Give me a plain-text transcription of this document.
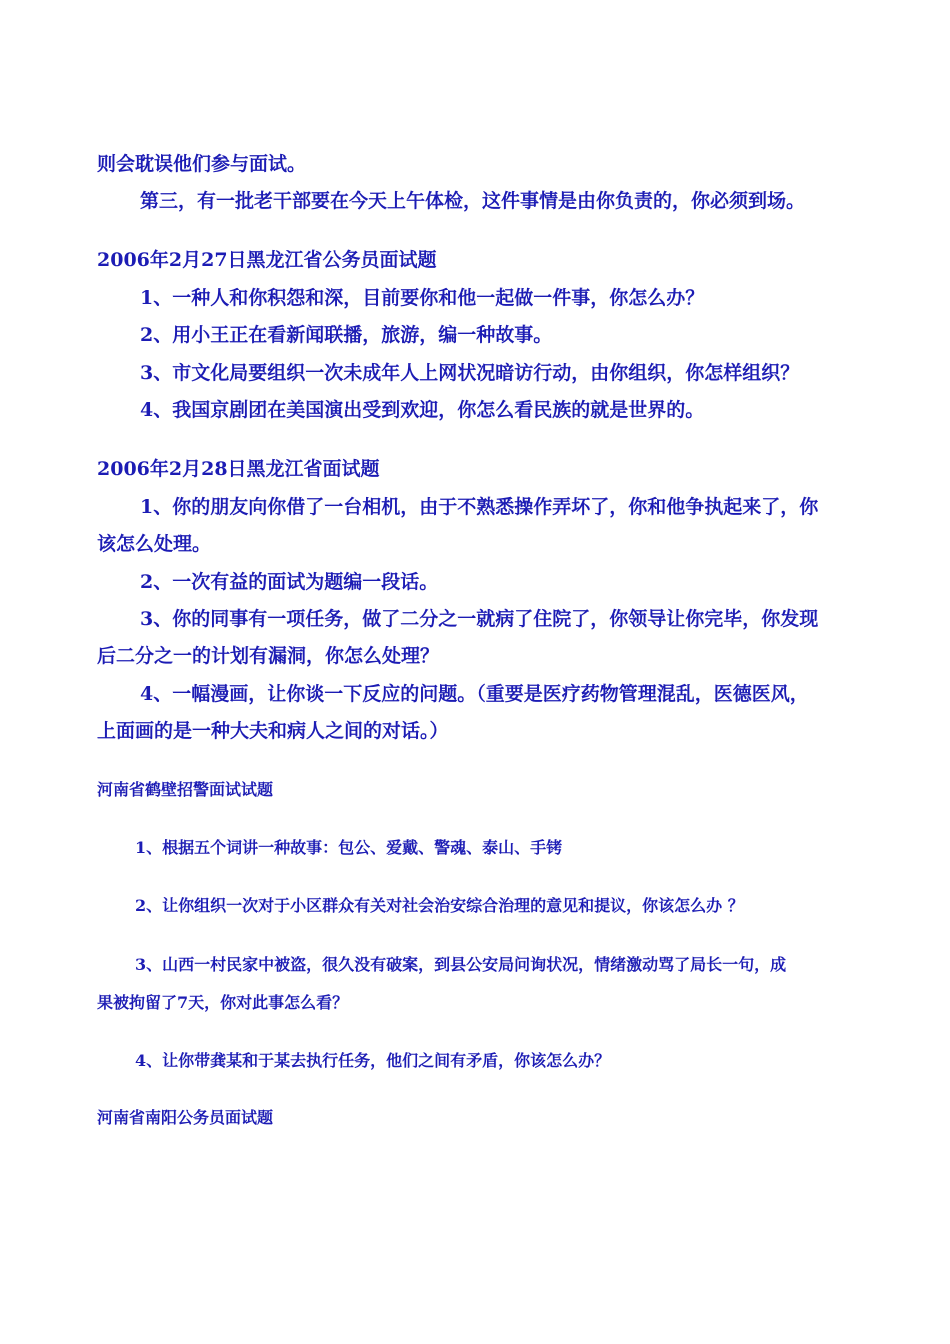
则会耽误他们参与面试。
第三，有一批老干部要在今天上午体检，这件事情是由你负责的，你必须到场。
2006年2月27日黑龙江省公务员面试题
1、一种人和你积怨和深，目前要你和他一起做一件事，你怎么办？
2、用小王正在看新闻联播，旅游，编一种故事。
3、市文化局要组织一次未成年人上网状况暗访行动，由你组织，你怎样组织？
4、我国京剧团在美国演出受到欢迎，你怎么看民族的就是世界的。
2006年2月28日黑龙江省面试题
1、你的朋友向你借了一台相机，由于不熟悉操作弄坏了，你和他争执起来了，你
该怎么处理。
2、一次有益的面试为题编一段话。
3、你的同事有一项任务，做了二分之一就病了住院了，你领导让你完毕，你发现
后二分之一的计划有漏洞，你怎么处理？
4、一幅漫画，让你谈一下反应的问题。（重要是医疗药物管理混乱，医德医风，
上面画的是一种大夫和病人之间的对话。）
河南省鹤壁招警面试试题
1、根据五个词讲一种故事：包公、爱戴、警魂、泰山、手铐
2、让你组织一次对于小区群众有关对社会治安综合治理的意见和提议，你该怎么办 ？
3、山西一村民家中被盗，很久没有破案，到县公安局问询状况，情绪激动骂了局长一句，成
果被拘留了7天，你对此事怎么看？
4、让你带龚某和于某去执行任务，他们之间有矛盾，你该怎么办？
河南省南阳公务员面试题
